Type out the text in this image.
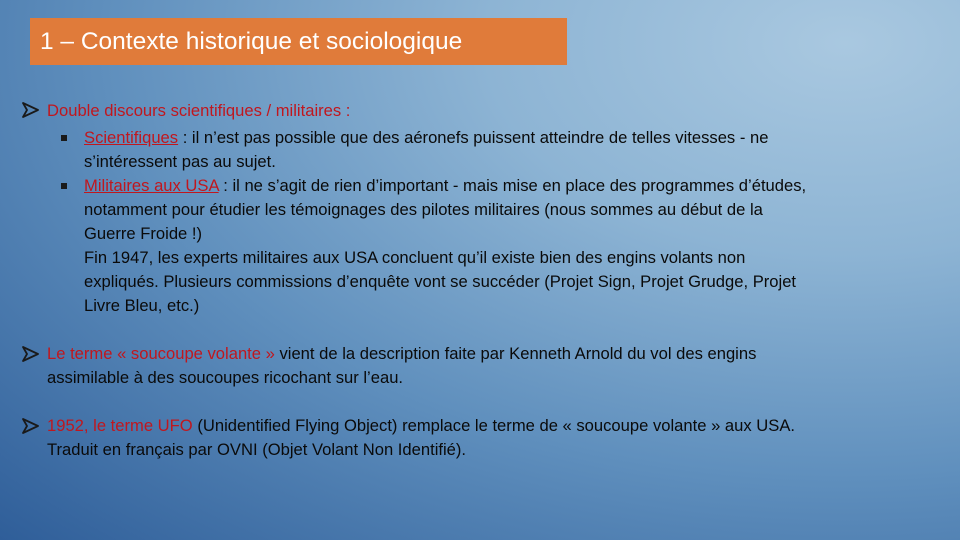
1 – Contexte historique et sociologique
Double discours scientifiques / militaires :
Scientifiques : il n’est pas possible que des aéronefs puissent atteindre de telles vitesses - ne
s’intéressent pas au sujet.
Militaires aux USA : il ne s’agit de rien d’important - mais mise en place des programmes d’études,
notamment pour étudier les témoignages des pilotes militaires (nous sommes au début de la
Guerre Froide !)
Fin 1947, les experts militaires aux USA concluent qu’il existe bien des engins volants non
expliqués. Plusieurs commissions d’enquête vont se succéder (Projet Sign, Projet Grudge, Projet
Livre Bleu, etc.)
Le terme « soucoupe volante » vient de la description faite par Kenneth Arnold du vol des engins
assimilable à des soucoupes ricochant sur l’eau.
1952, le terme UFO (Unidentified Flying Object) remplace le terme de « soucoupe volante » aux USA.
Traduit en français par OVNI (Objet Volant Non Identifié).
